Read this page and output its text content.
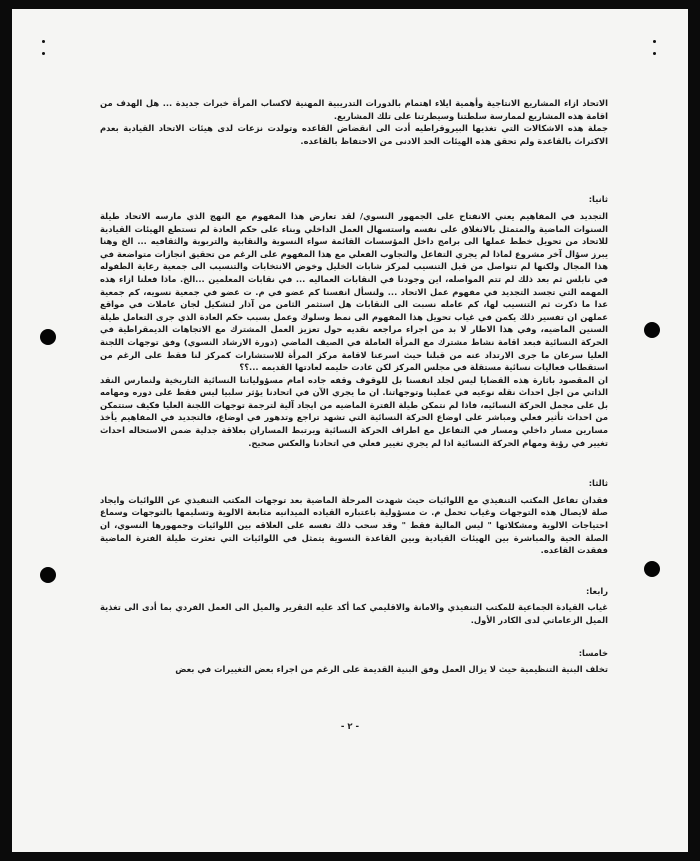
الاتحاد ازاء المشاريع الانتاجية وأهمية ايلاء اهتمام بالدورات التدريبية المهنية لاكساب المرأة خبرات جديدة ... هل الهدف من اقامة هذه المشاريع لممارسة سلطتنا وسيطرتنا على تلك المشاريع.

جملة هذه الاشكالات التي تغذيها البيروقراطيه أدت الى انقضاض القاعده وتولدت نزعات لدى هيئات الاتحاد القيادية بعدم الاكتراث بالقاعدة ولم تحقق هذه الهيئات الحد الادنى من الاحتفاظ بالقاعده.

ثانيا:

التجديد في المفاهيم يعني الانفتاح على الجمهور النسوي/ لقد تعارض هذا المفهوم مع النهج الذي مارسه الاتحاد طيلة السنوات الماضية والمتمثل بالانغلاق على نفسه واستسهال العمل الداخلي وبناء على حكم العادة لم تستطع الهيئات القيادية للاتحاد من تحويل خطط عملها الى برامج داخل المؤسسات القائمة سواء النسوية والنقابية والتربوية والثقافيه ... الخ وهنا يبرز سؤال آخر مشروع لماذا لم يجري التفاعل والتجاوب الفعلي مع هذا المفهوم على الرغم من تحقيق انجازات متواضعة في هذا المجال ولكنها لم تتواصل من قبل التنسيب لمركز شابات الخليل وخوض الانتخابات والتنسيب الى جمعية رعاية الطفوله في نابلس ثم بعد ذلك لم تتم المواصله، اين وجودنا في النقابات العماليه ... في نقابات المعلمين ...الخ. ماذا فعلنا ازاء هذه المهمه التي تجسد التجديد في مفهوم عمل الاتحاد ... ولنسأل انفسنا كم عضو في م. ت عضو في جمعية نسويه، كم جمعية عدا ما ذكرت ثم التنسيب لها، كم عامله نسبت الى النقابات هل استثمر الثامن من آذار لتشكيل لجان عاملات في مواقع عملهن ان تفسير ذلك يكمن في غياب تحويل هذا المفهوم الى نمط وسلوك وعمل بسبب حكم العادة الذي جرى التعامل طيلة السنين الماضيه، وفي هذا الاطار لا بد من اجراء مراجعه نقديه حول تعزيز العمل المشترك مع الاتجاهات الديمقراطية في الحركة النسائية فبعد اقامة نشاط مشترك مع المرأة العاملة في الصيف الماضي (دورة الارشاد النسوي) وفق توجهات اللجنة العليا سرعان ما جرى الارتداد عنه من قبلنا حيث اسرعنا لاقامة مركز المرأة للاستشارات كمركز لنا فقط على الرغم من استقطاب فعاليات نسائية مستقلة في مجلس المركز لكن عادت حليمه لعادتها القديمه ...؟؟

ان المقصود باثارة هذه القضايا ليس لجلد انفسنا بل للوقوف وقفه جاده امام مسؤولياتنا النسائية التاريخية ولنمارس النقد الذاتي من اجل احداث نقله نوعيه في عملينا وتوجهاتنا. ان ما يجري الآن في اتحادنا يؤثر سلبيا ليس فقط على دوره ومهامه بل على مجمل الحركة النسائيه، فاذا لم نتمكن طيلة الفترة الماضيه من ايجاد آلية لترجمة توجهات اللجنة العليا فكيف ستتمكن من احداث تأثير فعلي ومباشر على اوضاع الحركة النسائية التي تشهد تراجع وتدهور في اوضاع، فالتجديد في المفاهيم يأخذ مسارين مسار داخلي ومسار في التفاعل مع اطراف الحركة النسائية ويرتبط المساران بعلاقة جدلية ضمن الاستحاله احداث تغيير في رؤية ومهام الحركة النسائية اذا لم يجري تغيير فعلي في اتحادنا والعكس صحيح.

ثالثا:

فقدان تفاعل المكتب التنفيذي مع اللوائيات حيث شهدت المرحلة الماضية بعد توجهات المكتب التنفيذي عن اللوائيات وايجاد صلة لايصال هذه التوجهات وغياب تحمل م. ت مسؤولية باعتباره القياده الميدانيه متابعة الالوية وتسليمها بالتوجهات وسماع احتياجات الالوية ومشكلاتها " ليس المالية فقط " وقد سحب ذلك نفسه على العلاقه بين اللوائيات وجمهورها النسوي، ان الصلة الحية والمباشرة بين الهيئات القيادية وبين القاعدة النسوية يتمثل في اللوائيات التي تعثرت طيلة الفترة الماضية ففقدت القاعده.

رابعا:

غياب القيادة الجماعية للمكتب التنفيذي والامانة والاقليمي كما أكد عليه التقرير والميل الى العمل الفردي بما أدى الى تغذية الميل الزعاماتي لدى الكادر الأول.

خامسا:

تخلف البنية التنظيمية حيث لا يزال العمل وفق البنية القديمة على الرغم من اجراء بعض التغييرات في بعض

- ٢ -
